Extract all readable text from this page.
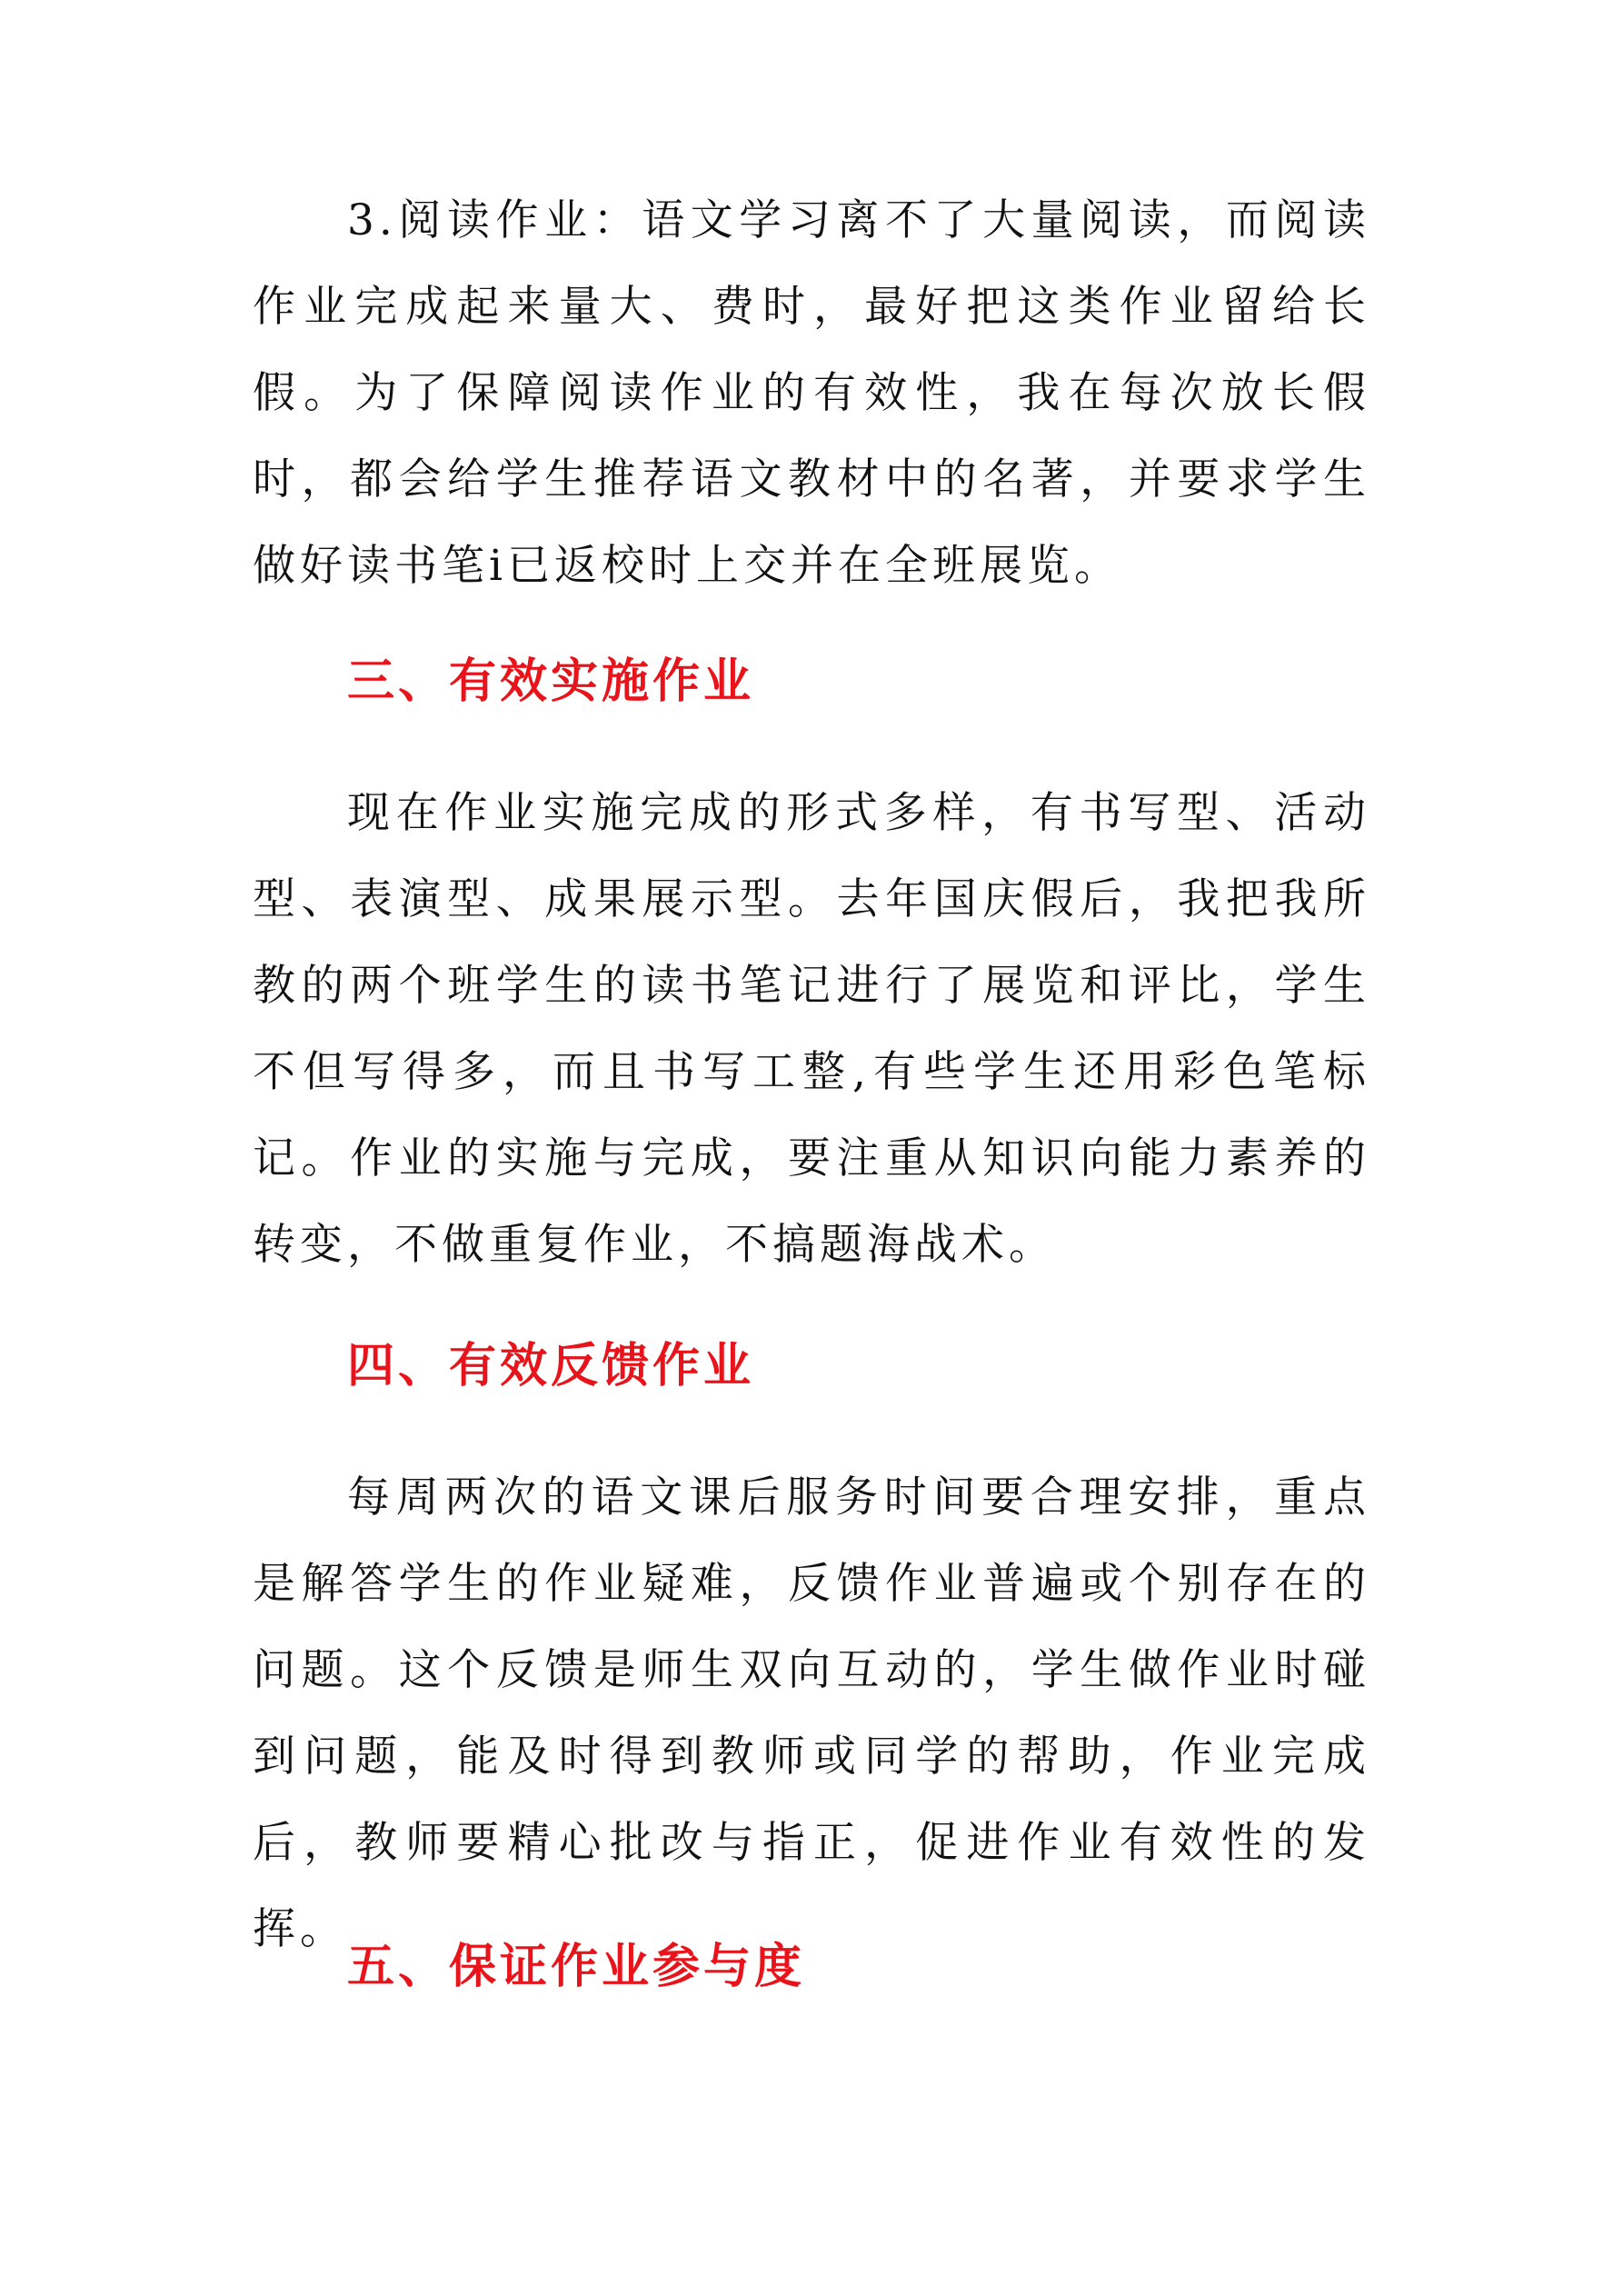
3.阅读作业：语文学习离不了大量阅读，而阅读作业完成起来量大、费时，最好把这类作业留给长假。为了保障阅读作业的有效性，我在每次放长假时，都会给学生推荐语文教材中的名著，并要求学生做好读书笔i已返校时上交并在全班展览。

三、有效实施作业

现在作业实施完成的形式多样，有书写型、活动型、表演型、成果展示型。去年国庆假后，我把我所教的两个班学生的读书笔记进行了展览和评比，学生不但写得多，而且书写工整,有些学生还用彩色笔标记。作业的实施与完成，要注重从知识向能力素养的转变，不做重复作业，不搞题海战术。

四、有效反馈作业

每周两次的语文课后服务时间要合理安排，重点是解答学生的作业疑难，反馈作业普遍或个别存在的问题。这个反馈是师生双向互动的，学生做作业时碰到问题，能及时得到教师或同学的帮助，作业完成后，教师要精心批改与指正，促进作业有效性的发挥。

五、保证作业参与度
